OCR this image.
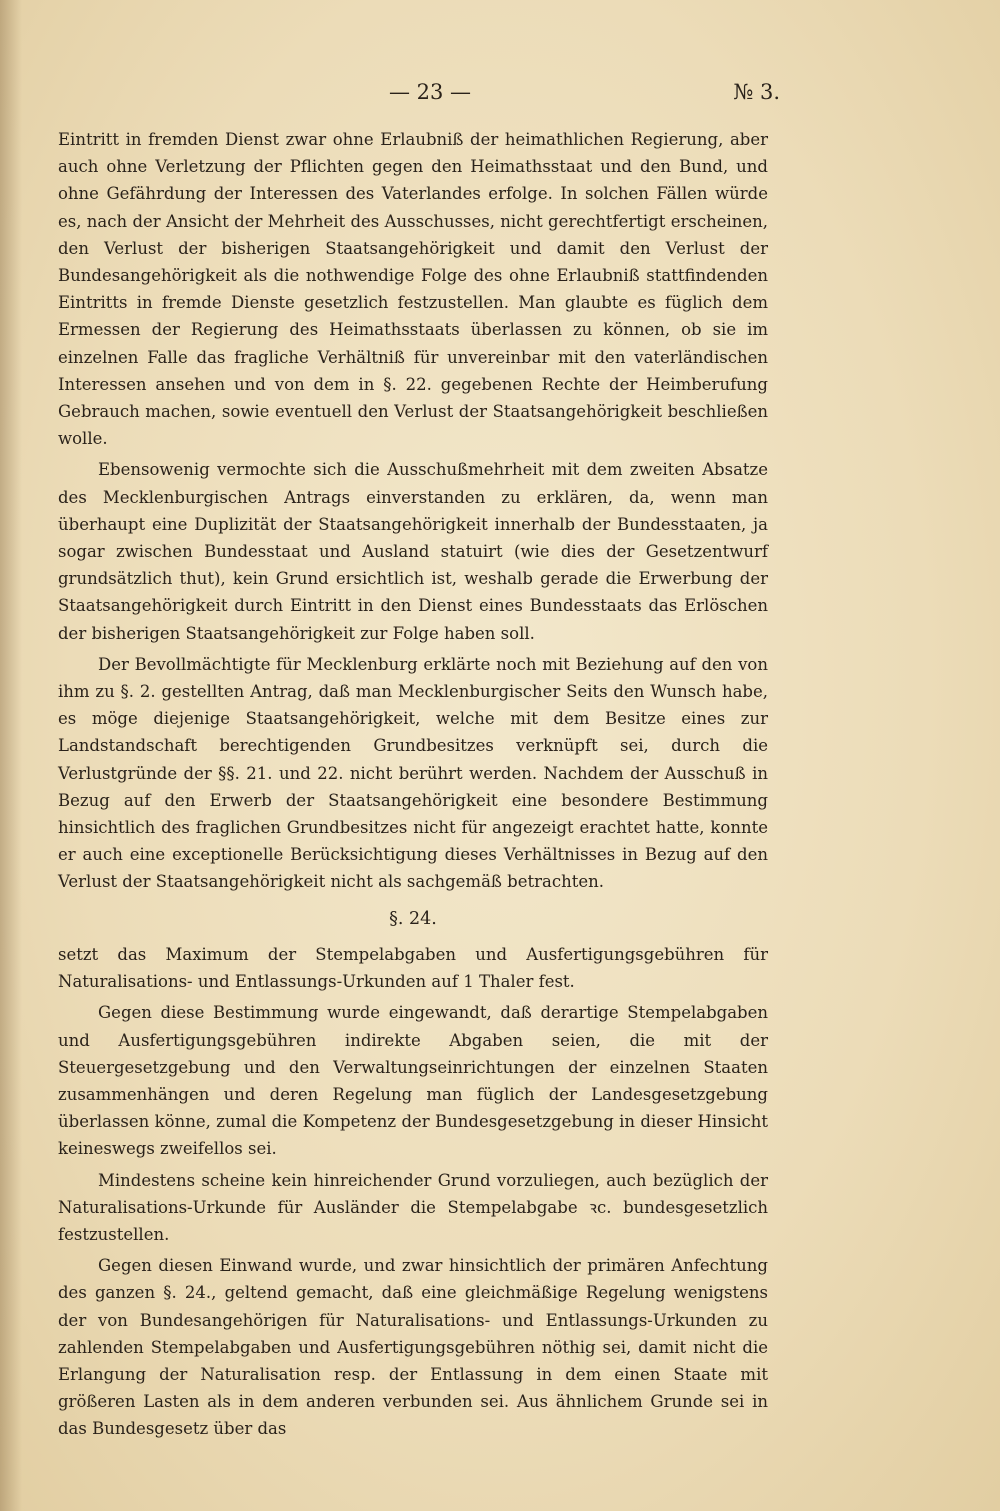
— 23 —	№ 3.

Eintritt in fremden Dienst zwar ohne Erlaubniß der heimathlichen Regierung, aber auch ohne Verletzung der Pflichten gegen den Heimathsstaat und den Bund, und ohne Gefährdung der Interessen des Vaterlandes erfolge. In solchen Fällen würde es, nach der Ansicht der Mehrheit des Ausschusses, nicht gerechtfertigt erscheinen, den Verlust der bisherigen Staatsangehörigkeit und damit den Verlust der Bundesangehörigkeit als die nothwendige Folge des ohne Erlaubniß stattfindenden Eintritts in fremde Dienste gesetzlich festzustellen. Man glaubte es füglich dem Ermessen der Regierung des Heimathsstaats überlassen zu können, ob sie im einzelnen Falle das fragliche Verhältniß für unvereinbar mit den vaterländischen Interessen ansehen und von dem in §. 22. gegebenen Rechte der Heimberufung Gebrauch machen, sowie eventuell den Verlust der Staatsangehörigkeit beschließen wolle.

Ebensowenig vermochte sich die Ausschußmehrheit mit dem zweiten Absatze des Mecklenburgischen Antrags einverstanden zu erklären, da, wenn man überhaupt eine Duplizität der Staatsangehörigkeit innerhalb der Bundesstaaten, ja sogar zwischen Bundesstaat und Ausland statuirt (wie dies der Gesetzentwurf grundsätzlich thut), kein Grund ersichtlich ist, weshalb gerade die Erwerbung der Staatsangehörigkeit durch Eintritt in den Dienst eines Bundesstaats das Erlöschen der bisherigen Staatsangehörigkeit zur Folge haben soll.

Der Bevollmächtigte für Mecklenburg erklärte noch mit Beziehung auf den von ihm zu §. 2. gestellten Antrag, daß man Mecklenburgischer Seits den Wunsch habe, es möge diejenige Staatsangehörigkeit, welche mit dem Besitze eines zur Landstandschaft berechtigenden Grundbesitzes verknüpft sei, durch die Verlustgründe der §§. 21. und 22. nicht berührt werden. Nachdem der Ausschuß in Bezug auf den Erwerb der Staatsangehörigkeit eine besondere Bestimmung hinsichtlich des fraglichen Grundbesitzes nicht für angezeigt erachtet hatte, konnte er auch eine exceptionelle Berücksichtigung dieses Verhältnisses in Bezug auf den Verlust der Staatsangehörigkeit nicht als sachgemäß betrachten.

§. 24.

setzt das Maximum der Stempelabgaben und Ausfertigungsgebühren für Naturalisations- und Entlassungs-Urkunden auf 1 Thaler fest.

Gegen diese Bestimmung wurde eingewandt, daß derartige Stempelabgaben und Ausfertigungsgebühren indirekte Abgaben seien, die mit der Steuergesetzgebung und den Verwaltungseinrichtungen der einzelnen Staaten zusammenhängen und deren Regelung man füglich der Landesgesetzgebung überlassen könne, zumal die Kompetenz der Bundesgesetzgebung in dieser Hinsicht keineswegs zweifellos sei.

Mindestens scheine kein hinreichender Grund vorzuliegen, auch bezüglich der Naturalisations-Urkunde für Ausländer die Stempelabgabe ꝛc. bundesgesetzlich festzustellen.

Gegen diesen Einwand wurde, und zwar hinsichtlich der primären Anfechtung des ganzen §. 24., geltend gemacht, daß eine gleichmäßige Regelung wenigstens der von Bundesangehörigen für Naturalisations- und Entlassungs-Urkunden zu zahlenden Stempelabgaben und Ausfertigungsgebühren nöthig sei, damit nicht die Erlangung der Naturalisation resp. der Entlassung in dem einen Staate mit größeren Lasten als in dem anderen verbunden sei. Aus ähnlichem Grunde sei in das Bundesgesetz über das
